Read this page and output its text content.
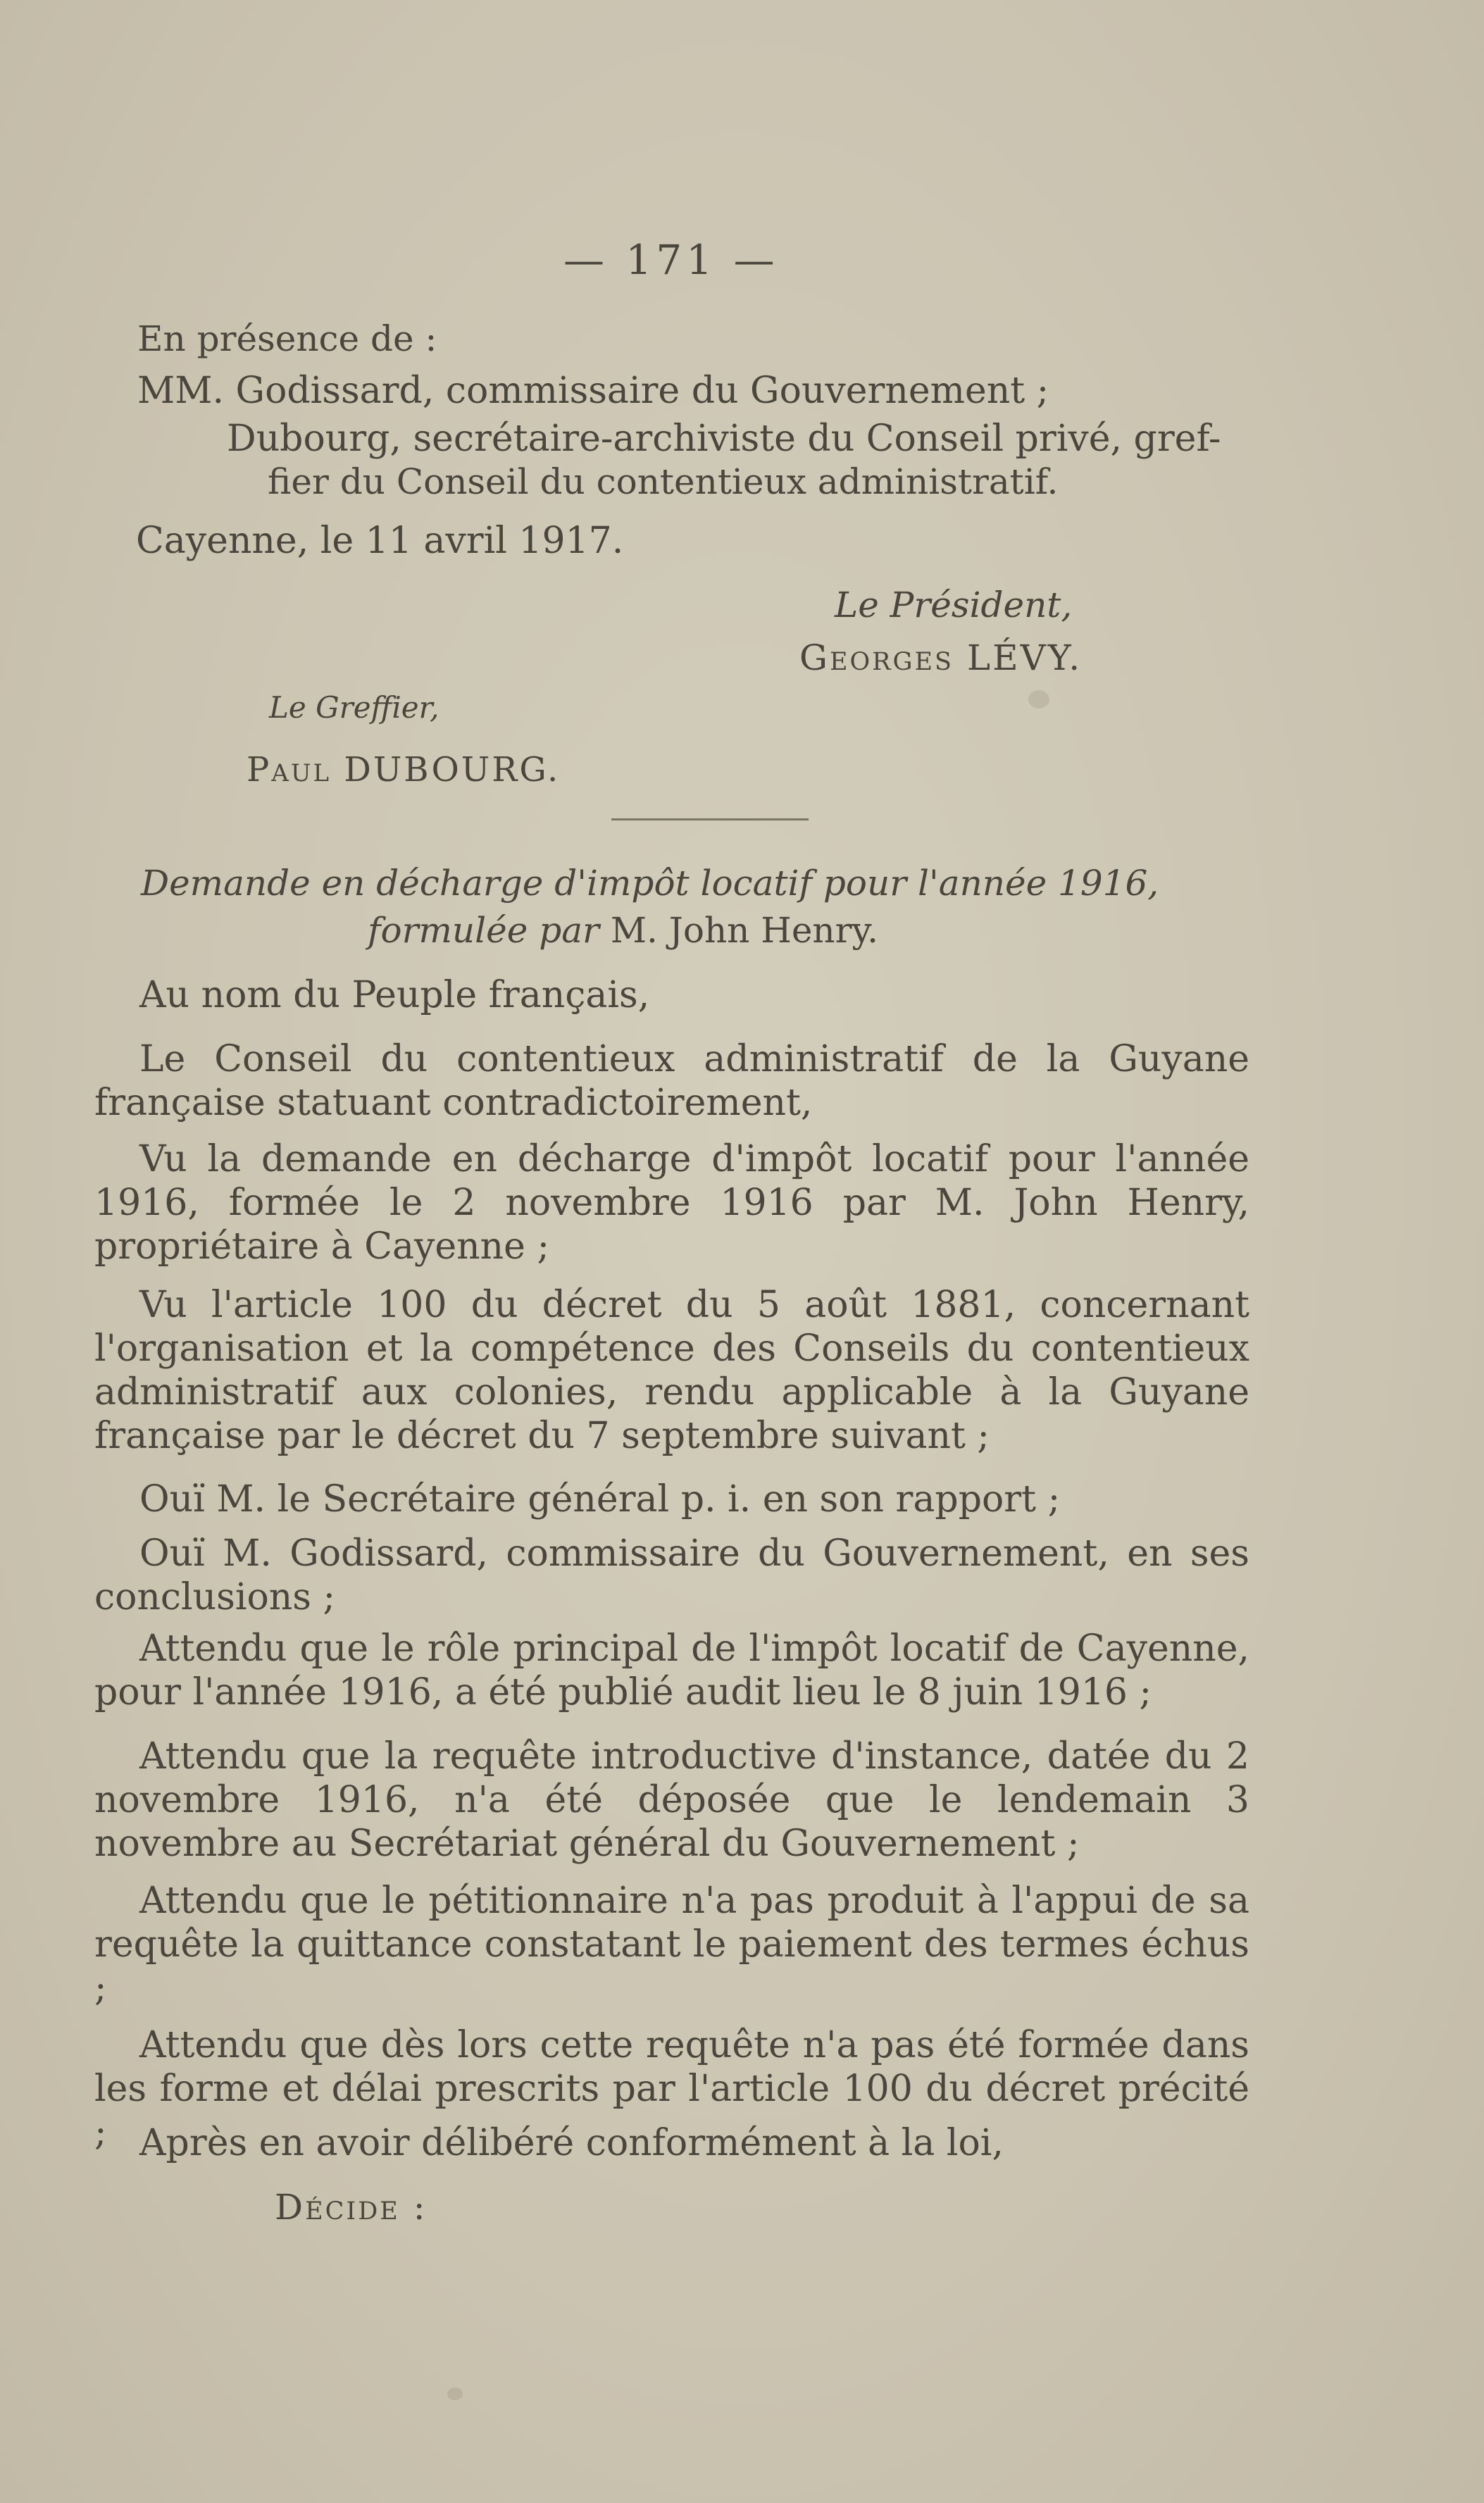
— 171 —
En présence de :
MM. Godissard, commissaire du Gouvernement ;
Dubourg, secrétaire-archiviste du Conseil privé, gref-
fier du Conseil du contentieux administratif.
Cayenne, le 11 avril 1917.
Le Président,
Georges LÉVY.
Le Greffier,
Paul DUBOURG.
Demande en décharge d'impôt locatif pour l'année 1916,
formulée par M. John Henry.
Au nom du Peuple français,
Le Conseil du contentieux administratif de la Guyane française statuant contradictoirement,
Vu la demande en décharge d'impôt locatif pour l'année 1916, formée le 2 novembre 1916 par M. John Henry, propriétaire à Cayenne ;
Vu l'article 100 du décret du 5 août 1881, concernant l'organisation et la compétence des Conseils du contentieux administratif aux colonies, rendu applicable à la Guyane française par le décret du 7 septembre suivant ;
Ouï M. le Secrétaire général p. i. en son rapport ;
Ouï M. Godissard, commissaire du Gouvernement, en ses conclusions ;
Attendu que le rôle principal de l'impôt locatif de Cayenne, pour l'année 1916, a été publié audit lieu le 8 juin 1916 ;
Attendu que la requête introductive d'instance, datée du 2 novembre 1916, n'a été déposée que le lendemain 3 novembre au Secrétariat général du Gouvernement ;
Attendu que le pétitionnaire n'a pas produit à l'appui de sa requête la quittance constatant le paiement des termes échus ;
Attendu que dès lors cette requête n'a pas été formée dans les forme et délai prescrits par l'article 100 du décret précité ; Après en avoir délibéré conformément à la loi,
Décide :
